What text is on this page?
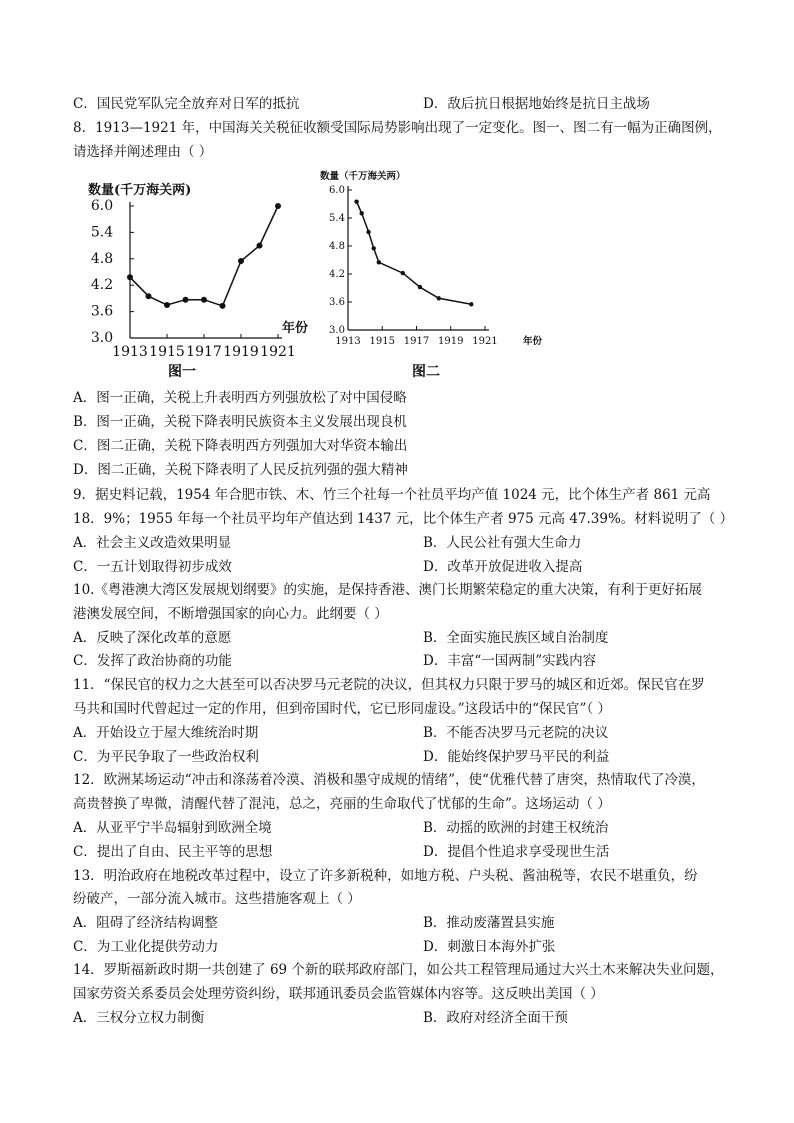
C．国民党军队完全放弃对日军的抵抗	D．敌后抗日根据地始终是抗日主战场
8．1913—1921 年，中国海关关税征收额受国际局势影响出现了一定变化。图一、图二有一幅为正确图例，
请选择并阐述理由（ ）
3.0
3.6
4.2
4.8
5.4
6.0
1913 1915 1917 1919 1921
数量(千万海关两)
年份
图一
3.0
3.6
4.2
4.8
5.4
6.0
1913 1915 1917 1919 1921
数量（千万海关两）
年份
图二
A．图一正确，关税上升表明西方列强放松了对中国侵略
B．图一正确，关税下降表明民族资本主义发展出现良机
C．图二正确，关税下降表明西方列强加大对华资本输出
D．图二正确，关税下降表明了人民反抗列强的强大精神
9．据史料记载，1954 年合肥市铁、木、竹三个社每一个社员平均产值 1024 元，比个体生产者 861 元高
18．9%；1955 年每一个社员平均年产值达到 1437 元，比个体生产者 975 元高 47.39%。材料说明了（ ）
A．社会主义改造效果明显	B．人民公社有强大生命力
C．一五计划取得初步成效	D．改革开放促进收入提高
10.《粤港澳大湾区发展规划纲要》的实施，是保持香港、澳门长期繁荣稳定的重大决策，有利于更好拓展
港澳发展空间，不断增强国家的向心力。此纲要（ ）
A．反映了深化改革的意愿	B．全面实施民族区域自治制度
C．发挥了政治协商的功能	D．丰富“一国两制”实践内容
11．“保民官的权力之大甚至可以否决罗马元老院的决议，但其权力只限于罗马的城区和近郊。保民官在罗
马共和国时代曾起过一定的作用，但到帝国时代，它已形同虚设。”这段话中的“保民官”（ ）
A．开始设立于屋大维统治时期	B．不能否决罗马元老院的决议
C．为平民争取了一些政治权利	D．能始终保护罗马平民的利益
12．欧洲某场运动“冲击和涤荡着冷漠、消极和墨守成规的情绪”，使“优雅代替了唐突，热情取代了冷漠，
高贵替换了卑微，清醒代替了混沌，总之，亮丽的生命取代了忧郁的生命”。这场运动（ ）
A．从亚平宁半岛辐射到欧洲全境	B．动摇的欧洲的封建王权统治
C．提出了自由、民主平等的思想	D．提倡个性追求享受现世生活
13．明治政府在地税改革过程中，设立了许多新税种，如地方税、户头税、酱油税等，农民不堪重负，纷
纷破产，一部分流入城市。这些措施客观上（ ）
A．阻碍了经济结构调整	B．推动废藩置县实施
C．为工业化提供劳动力	D．刺激日本海外扩张
14．罗斯福新政时期一共创建了 69 个新的联邦政府部门，如公共工程管理局通过大兴土木来解决失业问题，
国家劳资关系委员会处理劳资纠纷，联邦通讯委员会监管媒体内容等。这反映出美国（ ）
A．三权分立权力制衡	B．政府对经济全面干预
